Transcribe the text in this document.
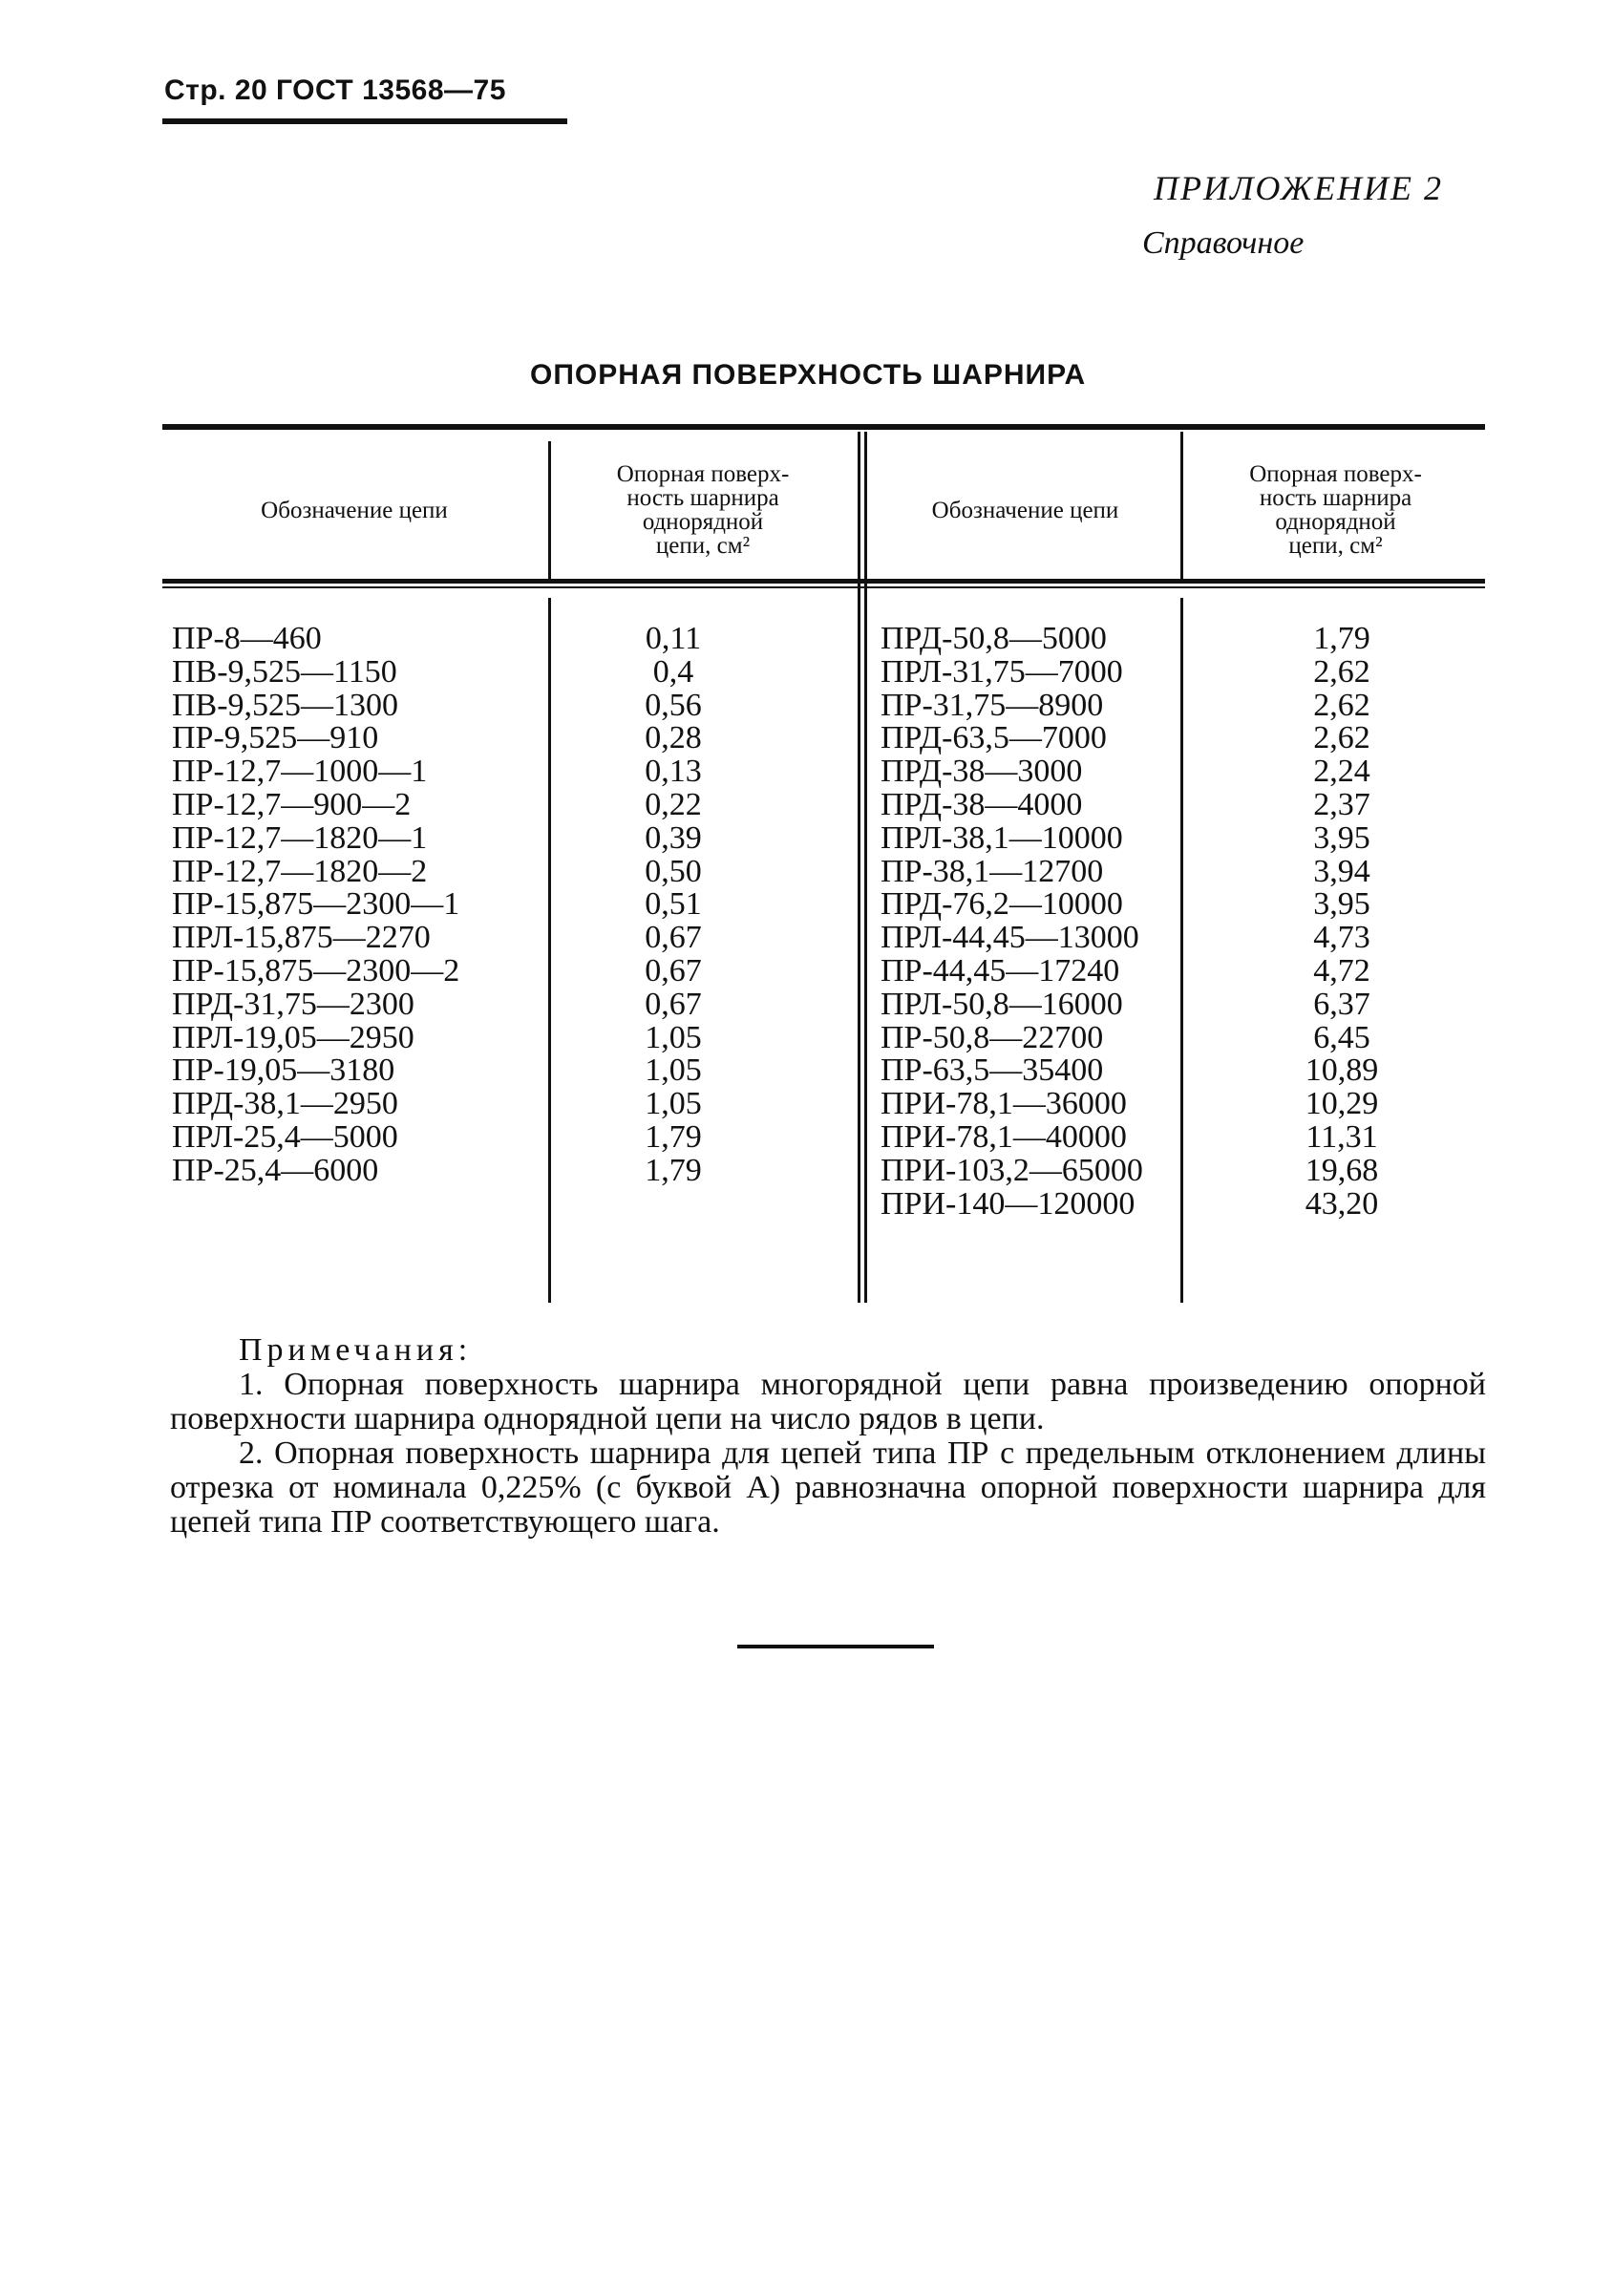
Стр. 20 ГОСТ 13568—75
ПРИЛОЖЕНИЕ 2
Справочное
ОПОРНАЯ ПОВЕРХНОСТЬ ШАРНИРА
Обозначение цепи
Опорная поверх-
ность шарнира
однорядной
цепи, см²
Обозначение цепи
Опорная поверх-
ность шарнира
однорядной
цепи, см²
ПР-8—460
ПВ-9,525—1150
ПВ-9,525—1300
ПР-9,525—910
ПР-12,7—1000—1
ПР-12,7—900—2
ПР-12,7—1820—1
ПР-12,7—1820—2
ПР-15,875—2300—1
ПРЛ-15,875—2270
ПР-15,875—2300—2
ПРД-31,75—2300
ПРЛ-19,05—2950
ПР-19,05—3180
ПРД-38,1—2950
ПРЛ-25,4—5000
ПР-25,4—6000
0,11
0,4
0,56
0,28
0,13
0,22
0,39
0,50
0,51
0,67
0,67
0,67
1,05
1,05
1,05
1,79
1,79
ПРД-50,8—5000
ПРЛ-31,75—7000
ПР-31,75—8900
ПРД-63,5—7000
ПРД-38—3000
ПРД-38—4000
ПРЛ-38,1—10000
ПР-38,1—12700
ПРД-76,2—10000
ПРЛ-44,45—13000
ПР-44,45—17240
ПРЛ-50,8—16000
ПР-50,8—22700
ПР-63,5—35400
ПРИ-78,1—36000
ПРИ-78,1—40000
ПРИ-103,2—65000
ПРИ-140—120000
1,79
2,62
2,62
2,62
2,24
2,37
3,95
3,94
3,95
4,73
4,72
6,37
6,45
10,89
10,29
11,31
19,68
43,20
Примечания:

1. Опорная поверхность шарнира многорядной цепи равна произведению опорной поверхности шарнира однорядной цепи на число рядов в цепи.

2. Опорная поверхность шарнира для цепей типа ПР с предельным отклонением длины отрезка от номинала 0,225% (с буквой А) равнозначна опорной поверхности шарнира для цепей типа ПР соответствующего шага.
